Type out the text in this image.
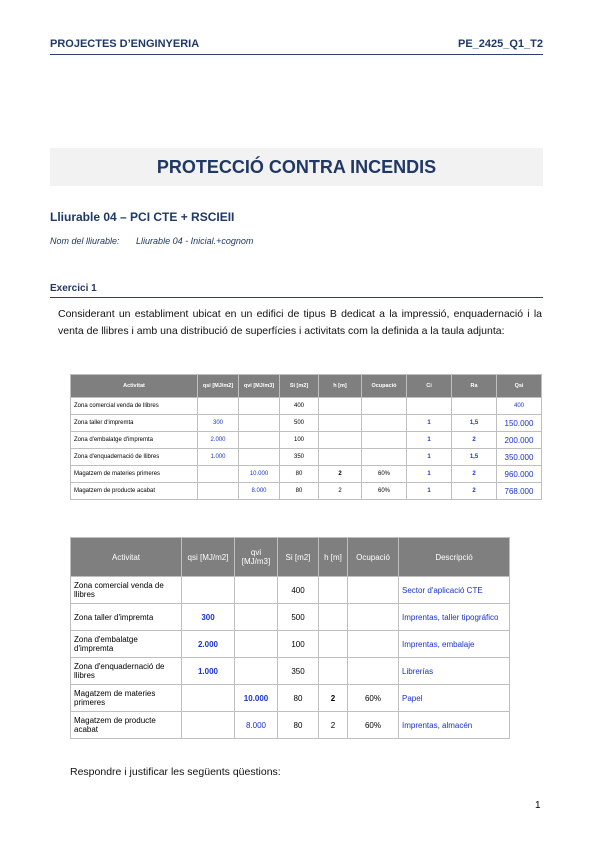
PROJECTES D’ENGINYERIA	PE_2425_Q1_T2
PROTECCIÓ CONTRA INCENDIS
Lliurable 04 – PCI CTE + RSCIEII
Nom del lliurable: Lliurable 04 - Inicial.+cognom
Exercici 1
Considerant un establiment ubicat en un edifici de tipus B dedicat a la impressió, enquadernació i la venta de llibres i amb una distribució de superfícies i activitats com la definida a la taula adjunta:
Activitat	qsi [MJ/m2]	qvi [MJ/m3]	Si [m2]	h [m]	Ocupació	Ci	Ra	Qsi
Zona comercial venda de llibres			400					400
Zona taller d'impremta	300		500			1	1,5	150.000
Zona d'embalatge d'impremta	2.000		100			1	2	200.000
Zona d'enquadernació de llibres	1.000		350			1	1,5	350.000
Magatzem de materies primeres		10.000	80	2	60%	1	2	960.000
Magatzem de producte acabat		8.000	80	2	60%	1	2	768.000
Activitat	qsi [MJ/m2]	qvi [MJ/m3]	Si [m2]	h [m]	Ocupació	Descripció
Zona comercial venda de llibres			400			Sector d'aplicació CTE
Zona taller d'impremta	300		500			Imprentas, taller tipográfico
Zona d'embalatge d'impremta	2.000		100			Imprentas, embalaje
Zona d'enquadernació de llibres	1.000		350			Librerías
Magatzem de materies primeres		10.000	80	2	60%	Papel
Magatzem de producte acabat		8.000	80	2	60%	Imprentas, almacén
Respondre i justificar les següents qüestions:
1
